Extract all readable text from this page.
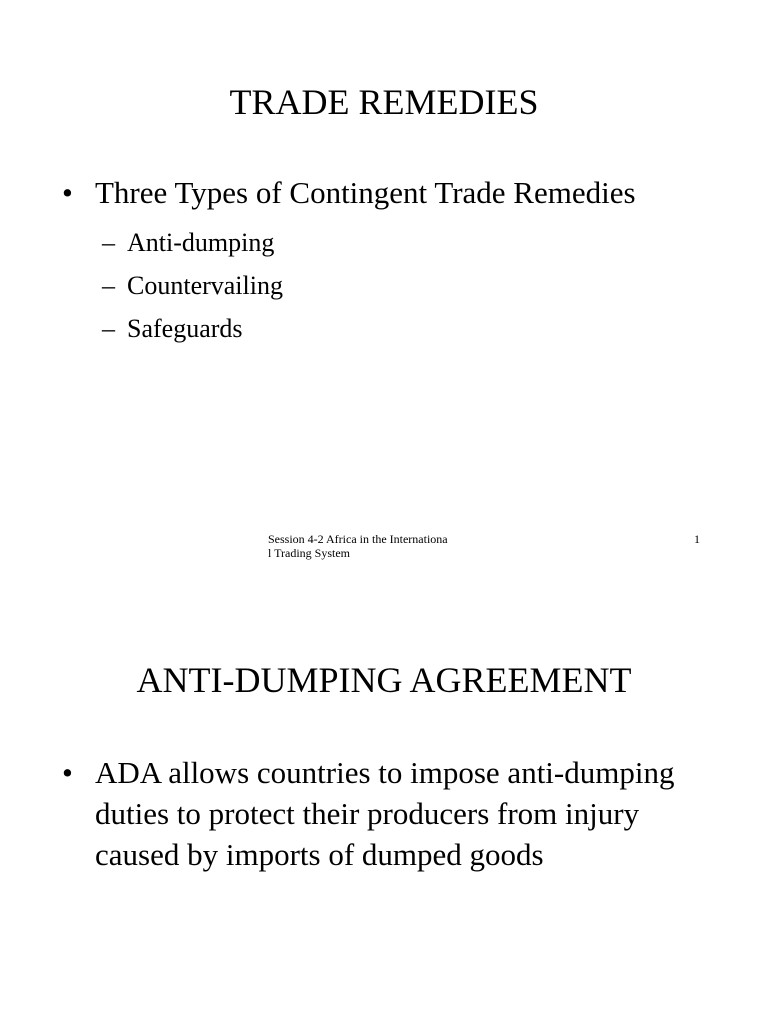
TRADE REMEDIES
• Three Types of Contingent Trade Remedies
– Anti-dumping
– Countervailing
– Safeguards
Session 4-2 Africa in the Internationa
l Trading System
1
ANTI-DUMPING AGREEMENT
• ADA allows countries to impose anti-dumping duties to protect their producers from injury caused by imports of dumped goods
